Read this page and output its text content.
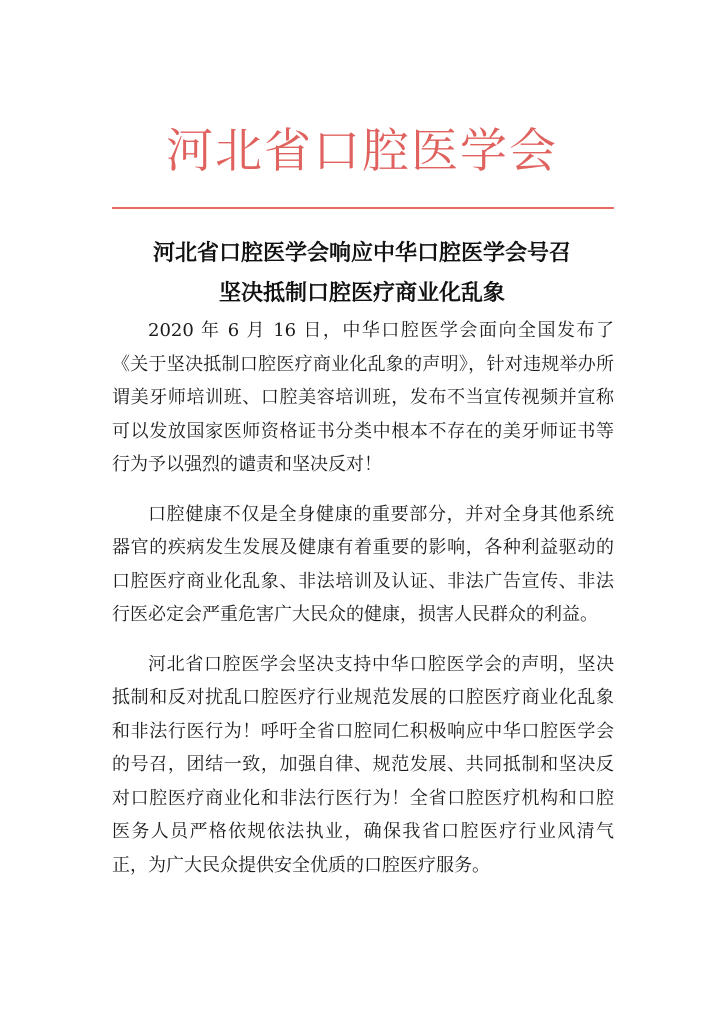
河北省口腔医学会
河北省口腔医学会响应中华口腔医学会号召
坚决抵制口腔医疗商业化乱象

2020 年 6 月 16 日，中华口腔医学会面向全国发布了《关于坚决抵制口腔医疗商业化乱象的声明》，针对违规举办所谓美牙师培训班、口腔美容培训班，发布不当宣传视频并宣称可以发放国家医师资格证书分类中根本不存在的美牙师证书等行为予以强烈的谴责和坚决反对！

口腔健康不仅是全身健康的重要部分，并对全身其他系统器官的疾病发生发展及健康有着重要的影响，各种利益驱动的口腔医疗商业化乱象、非法培训及认证、非法广告宣传、非法行医必定会严重危害广大民众的健康，损害人民群众的利益。

河北省口腔医学会坚决支持中华口腔医学会的声明，坚决抵制和反对扰乱口腔医疗行业规范发展的口腔医疗商业化乱象和非法行医行为！呼吁全省口腔同仁积极响应中华口腔医学会的号召，团结一致，加强自律、规范发展、共同抵制和坚决反对口腔医疗商业化和非法行医行为！全省口腔医疗机构和口腔医务人员严格依规依法执业，确保我省口腔医疗行业风清气正，为广大民众提供安全优质的口腔医疗服务。
